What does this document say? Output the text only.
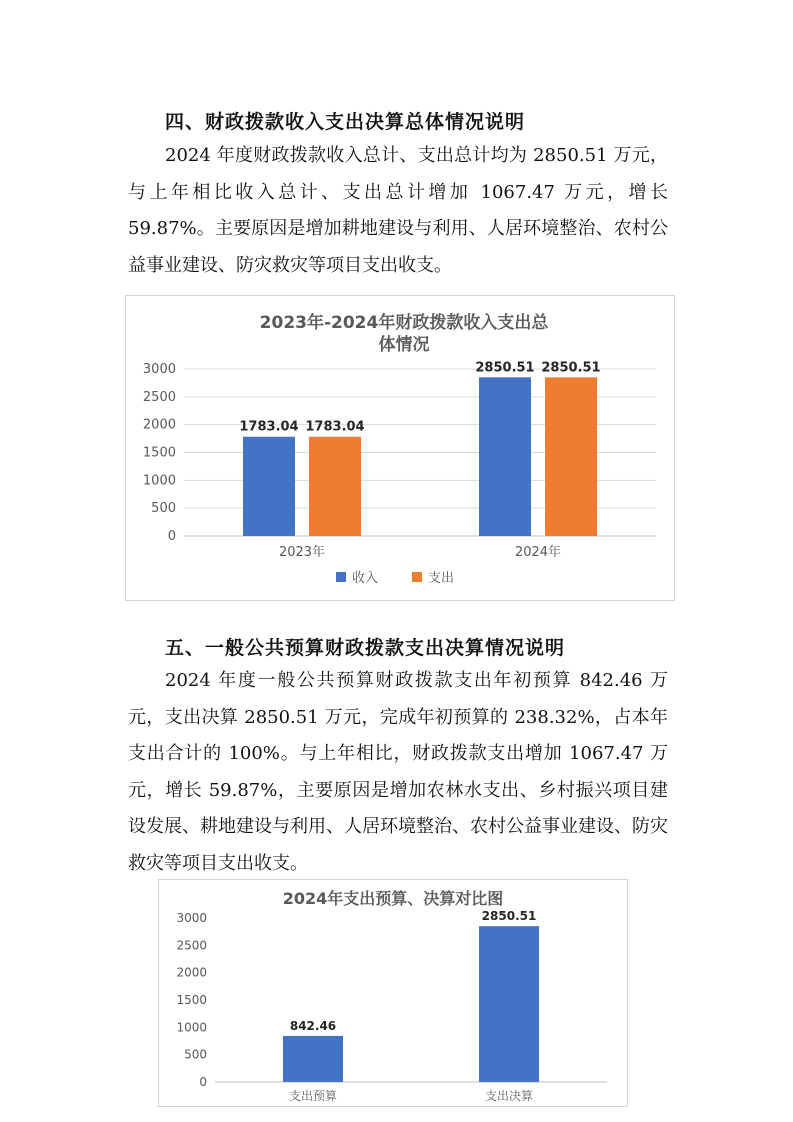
四、财政拨款收入支出决算总体情况说明

2024 年度财政拨款收入总计、支出总计均为 2850.51 万元，与上年相比收入总计、支出总计增加 1067.47 万元，增长 59.87%。主要原因是增加耕地建设与利用、人居环境整治、农村公益事业建设、防灾救灾等项目支出收支。

2023年-2024年财政拨款收入支出总
体情况
0
500
1000
1500
2000
2500
3000
1783.04 1783.04
2850.51 2850.51
2023年	2024年
收入	支出
五、一般公共预算财政拨款支出决算情况说明

2024 年度一般公共预算财政拨款支出年初预算 842.46 万元，支出决算 2850.51 万元，完成年初预算的 238.32%，占本年支出合计的 100%。与上年相比，财政拨款支出增加 1067.47 万元，增长 59.87%，主要原因是增加农林水支出、乡村振兴项目建设发展、耕地建设与利用、人居环境整治、农村公益事业建设、防灾救灾等项目支出收支。

2024年支出预算、决算对比图
0
500
1000
1500
2000
2500
3000
842.46
2850.51
支出预算	支出决算
